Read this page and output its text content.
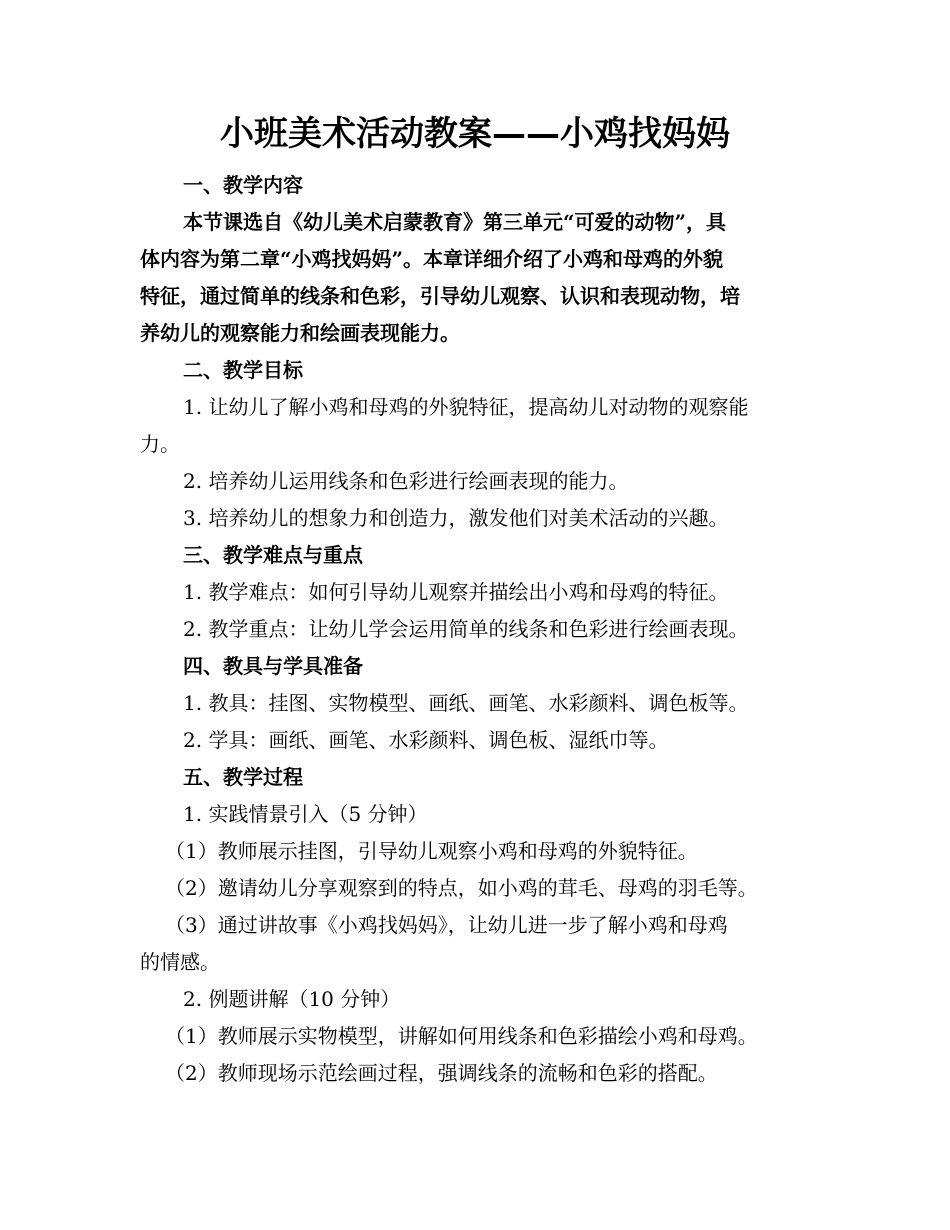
小班美术活动教案——小鸡找妈妈
一、教学内容
本节课选自《幼儿美术启蒙教育》第三单元“可爱的动物”，具
体内容为第二章“小鸡找妈妈”。本章详细介绍了小鸡和母鸡的外貌
特征，通过简单的线条和色彩，引导幼儿观察、认识和表现动物，培
养幼儿的观察能力和绘画表现能力。
二、教学目标
1. 让幼儿了解小鸡和母鸡的外貌特征，提高幼儿对动物的观察能
力。
2. 培养幼儿运用线条和色彩进行绘画表现的能力。
3. 培养幼儿的想象力和创造力，激发他们对美术活动的兴趣。
三、教学难点与重点
1. 教学难点：如何引导幼儿观察并描绘出小鸡和母鸡的特征。
2. 教学重点：让幼儿学会运用简单的线条和色彩进行绘画表现。
四、教具与学具准备
1. 教具：挂图、实物模型、画纸、画笔、水彩颜料、调色板等。
2. 学具：画纸、画笔、水彩颜料、调色板、湿纸巾等。
五、教学过程
1. 实践情景引入（5 分钟）
（1）教师展示挂图，引导幼儿观察小鸡和母鸡的外貌特征。
（2）邀请幼儿分享观察到的特点，如小鸡的茸毛、母鸡的羽毛等。
（3）通过讲故事《小鸡找妈妈》，让幼儿进一步了解小鸡和母鸡
的情感。
2. 例题讲解（10 分钟）
（1）教师展示实物模型，讲解如何用线条和色彩描绘小鸡和母鸡。
（2）教师现场示范绘画过程，强调线条的流畅和色彩的搭配。
